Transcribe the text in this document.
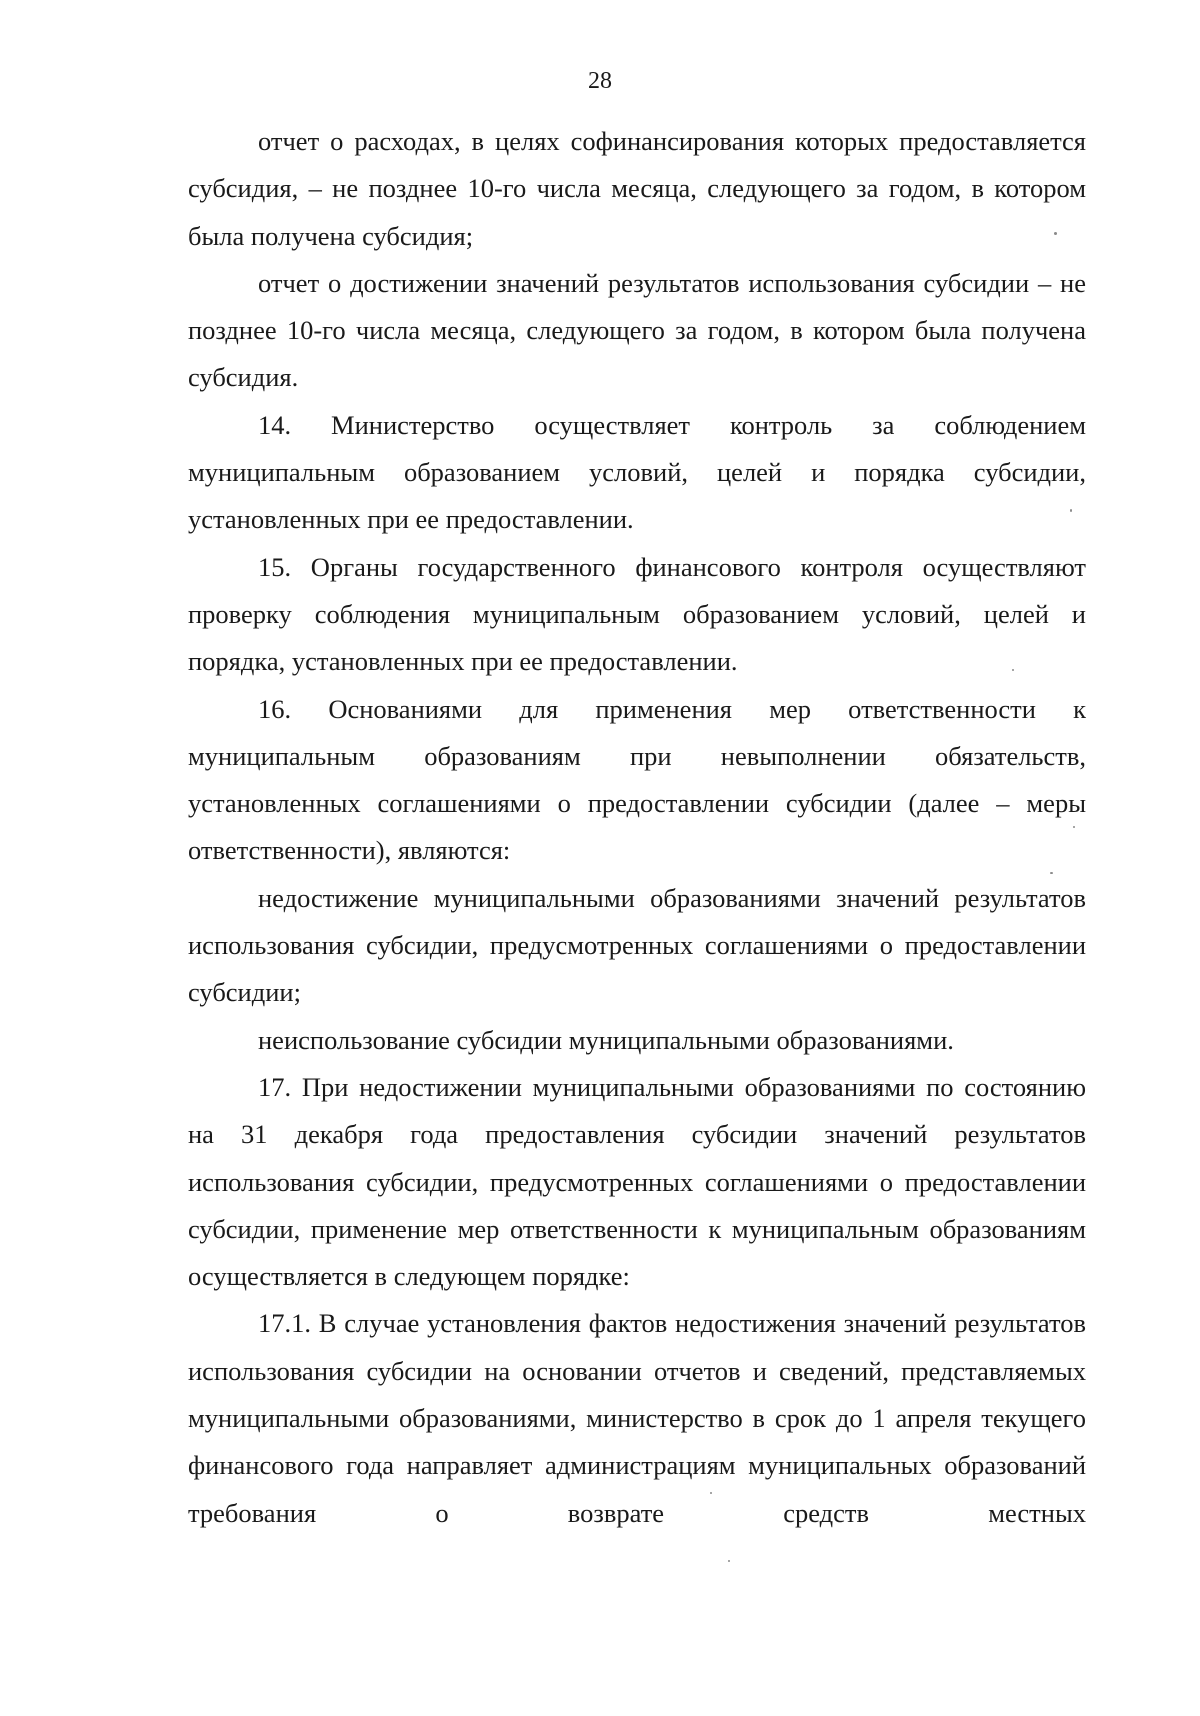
28

отчет о расходах, в целях софинансирования которых предоставляется субсидия, – не позднее 10-го числа месяца, следующего за годом, в котором была получена субсидия;

отчет о достижении значений результатов использования субсидии – не позднее 10-го числа месяца, следующего за годом, в котором была получена субсидия.

14. Министерство осуществляет контроль за соблюдением муниципальным образованием условий, целей и порядка субсидии, установленных при ее предоставлении.

15. Органы государственного финансового контроля осуществляют проверку соблюдения муниципальным образованием условий, целей и порядка, установленных при ее предоставлении.

16. Основаниями для применения мер ответственности к муниципальным образованиям при невыполнении обязательств, установленных соглашениями о предоставлении субсидии (далее – меры ответственности), являются:

недостижение муниципальными образованиями значений результатов использования субсидии, предусмотренных соглашениями о предоставлении субсидии;

неиспользование субсидии муниципальными образованиями.

17. При недостижении муниципальными образованиями по состоянию на 31 декабря года предоставления субсидии значений результатов использования субсидии, предусмотренных соглашениями о предоставлении субсидии, применение мер ответственности к муниципальным образованиям осуществляется в следующем порядке:

17.1. В случае установления фактов недостижения значений результатов использования субсидии на основании отчетов и сведений, представляемых муниципальными образованиями, министерство в срок до 1 апреля текущего финансового года направляет администрациям муниципальных образований требования о возврате средств местных
